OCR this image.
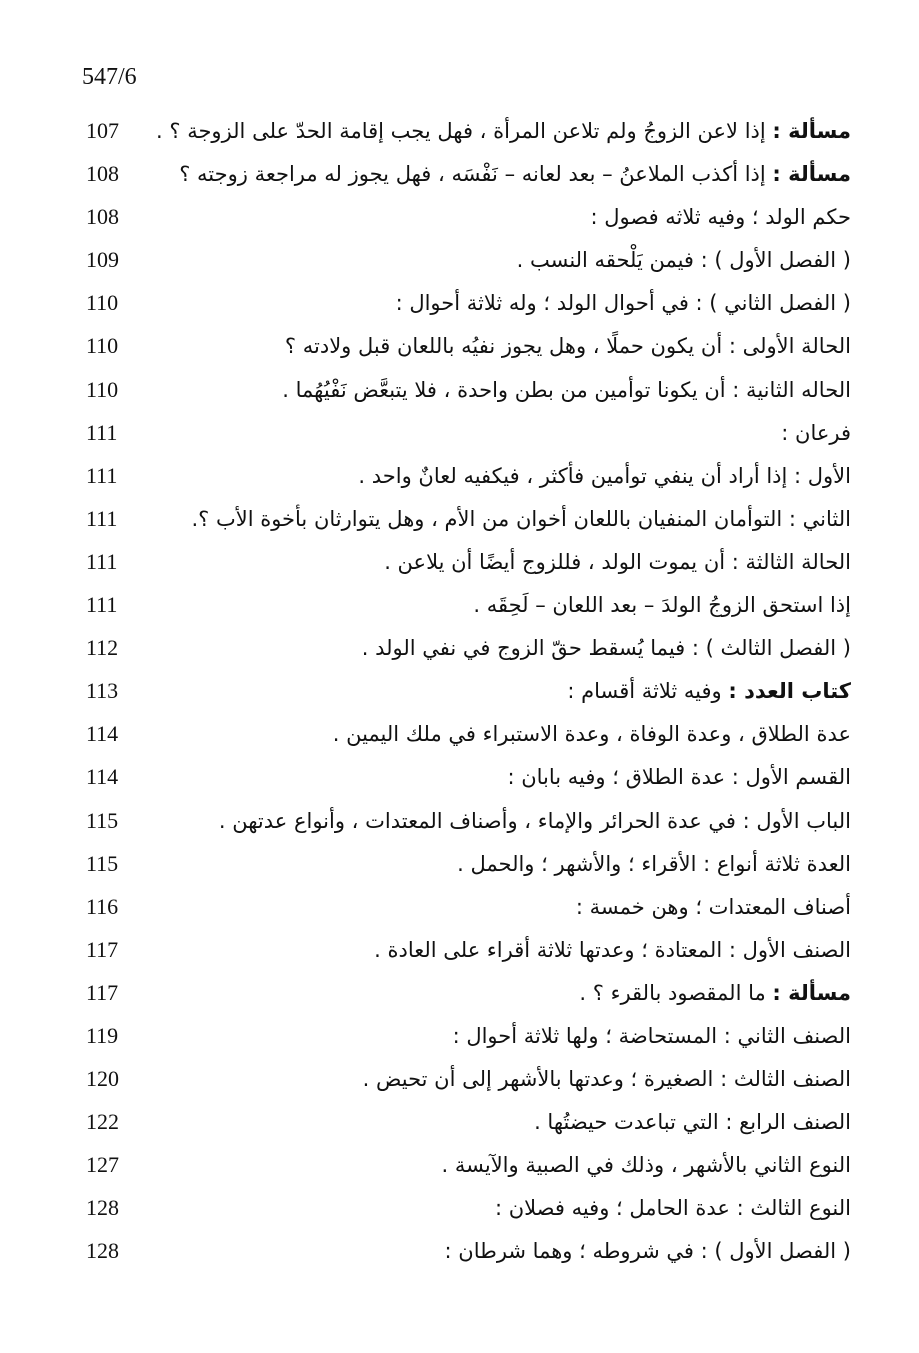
547/6
مسألة : إذا لاعن الزوجُ ولم تلاعن المرأة ، فهل يجب إقامة الحدّ على الزوجة ؟ .
107
مسألة : إذا أكذب الملاعنُ – بعد لعانه – نَفْسَه ، فهل يجوز له مراجعة زوجته ؟
108
حكم الولد ؛ وفيه ثلاثه فصول :
108
( الفصل الأول ) : فيمن يَلْحقه النسب .
109
( الفصل الثاني ) : في أحوال الولد ؛ وله ثلاثة أحوال :
110
الحالة الأولى : أن يكون حملًا ، وهل يجوز نفيُه باللعان قبل ولادته ؟
110
الحاله الثانية : أن يكونا توأمين من بطن واحدة ، فلا يتبعَّض نَفْيُهُما .
110
فرعان :
111
الأول : إذا أراد أن ينفي توأمين فأكثر ، فيكفيه لعانٌ واحد .
111
الثاني : التوأمان المنفيان باللعان أخوان من الأم ، وهل يتوارثان بأخوة الأب ؟.
111
الحالة الثالثة : أن يموت الولد ، فللزوج أيضًا أن يلاعن .
111
إذا استحق الزوجُ الولدَ – بعد اللعان – لَحِقَه .
111
( الفصل الثالث ) : فيما يُسقط حقّ الزوج في نفي الولد .
112
كتاب العدد : وفيه ثلاثة أقسام :
113
عدة الطلاق ، وعدة الوفاة ، وعدة الاستبراء في ملك اليمين .
114
القسم الأول : عدة الطلاق ؛ وفيه بابان :
114
الباب الأول : في عدة الحرائر والإماء ، وأصناف المعتدات ، وأنواع عدتهن .
115
العدة ثلاثة أنواع : الأقراء ؛ والأشهر ؛ والحمل .
115
أصناف المعتدات ؛ وهن خمسة :
116
الصنف الأول : المعتادة ؛ وعدتها ثلاثة أقراء على العادة .
117
مسألة : ما المقصود بالقرء ؟ .
117
الصنف الثاني : المستحاضة ؛ ولها ثلاثة أحوال :
119
الصنف الثالث : الصغيرة ؛ وعدتها بالأشهر إلى أن تحيض .
120
الصنف الرابع : التي تباعدت حيضتُها .
122
النوع الثاني بالأشهر ، وذلك في الصبية والآيسة .
127
النوع الثالث : عدة الحامل ؛ وفيه فصلان :
128
( الفصل الأول ) : في شروطه ؛ وهما شرطان :
128
